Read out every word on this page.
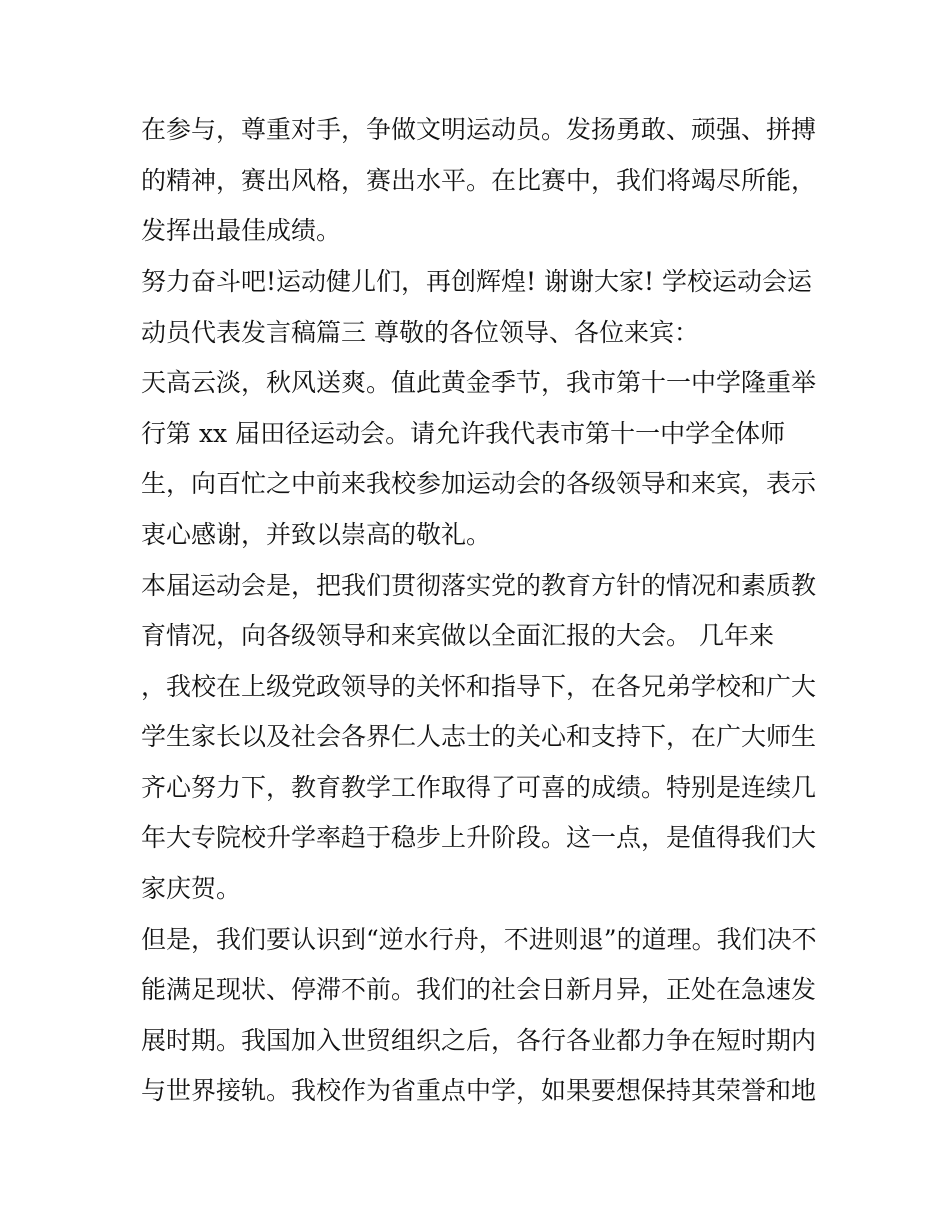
在参与，尊重对手，争做文明运动员。发扬勇敢、顽强、拼搏
的精神，赛出风格，赛出水平。在比赛中，我们将竭尽所能，
发挥出最佳成绩。
努力奋斗吧!运动健儿们，再创辉煌! 谢谢大家! 学校运动会运
动员代表发言稿篇三 尊敬的各位领导、各位来宾：
天高云淡，秋风送爽。值此黄金季节，我市第十一中学隆重举
行第 xx 届田径运动会。请允许我代表市第十一中学全体师
生，向百忙之中前来我校参加运动会的各级领导和来宾，表示
衷心感谢，并致以崇高的敬礼。
本届运动会是，把我们贯彻落实党的教育方针的情况和素质教
育情况，向各级领导和来宾做以全面汇报的大会。 几年来
，我校在上级党政领导的关怀和指导下，在各兄弟学校和广大
学生家长以及社会各界仁人志士的关心和支持下，在广大师生
齐心努力下，教育教学工作取得了可喜的成绩。特别是连续几
年大专院校升学率趋于稳步上升阶段。这一点，是值得我们大
家庆贺。
但是，我们要认识到“逆水行舟，不进则退”的道理。我们决不
能满足现状、停滞不前。我们的社会日新月异，正处在急速发
展时期。我国加入世贸组织之后，各行各业都力争在短时期内
与世界接轨。我校作为省重点中学，如果要想保持其荣誉和地
